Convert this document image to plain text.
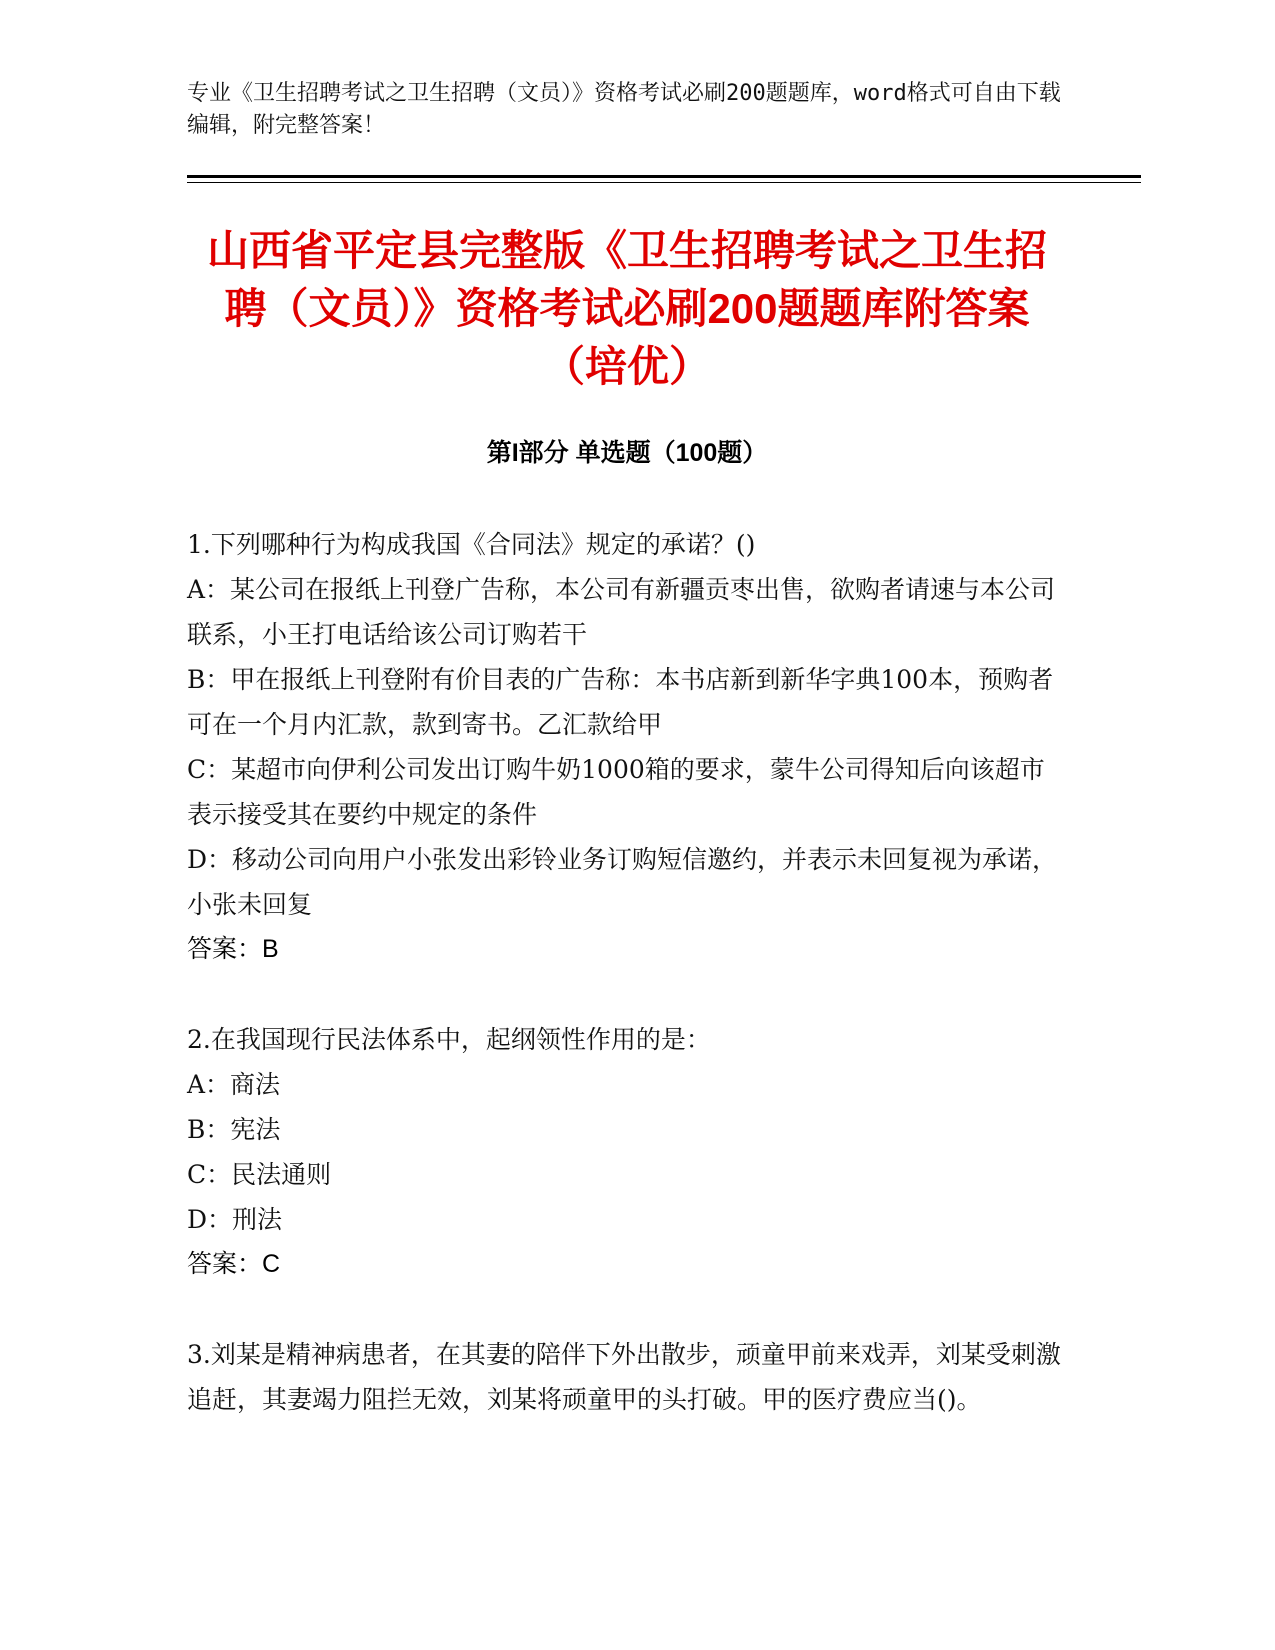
专业《卫生招聘考试之卫生招聘（文员）》资格考试必刷200题题库，word格式可自由下载编辑，附完整答案！
山西省平定县完整版《卫生招聘考试之卫生招聘（文员）》资格考试必刷200题题库附答案（培优）
第I部分 单选题（100题）

1.下列哪种行为构成我国《合同法》规定的承诺？()

A：某公司在报纸上刊登广告称，本公司有新疆贡枣出售，欲购者请速与本公司联系，小王打电话给该公司订购若干

B：甲在报纸上刊登附有价目表的广告称：本书店新到新华字典100本，预购者可在一个月内汇款，款到寄书。乙汇款给甲

C：某超市向伊利公司发出订购牛奶1000箱的要求，蒙牛公司得知后向该超市表示接受其在要约中规定的条件

D：移动公司向用户小张发出彩铃业务订购短信邀约，并表示未回复视为承诺，小张未回复

答案：B

2.在我国现行民法体系中，起纲领性作用的是：

A：商法

B：宪法

C：民法通则

D：刑法

答案：C

3.刘某是精神病患者，在其妻的陪伴下外出散步，顽童甲前来戏弄，刘某受刺激追赶，其妻竭力阻拦无效，刘某将顽童甲的头打破。甲的医疗费应当()。
